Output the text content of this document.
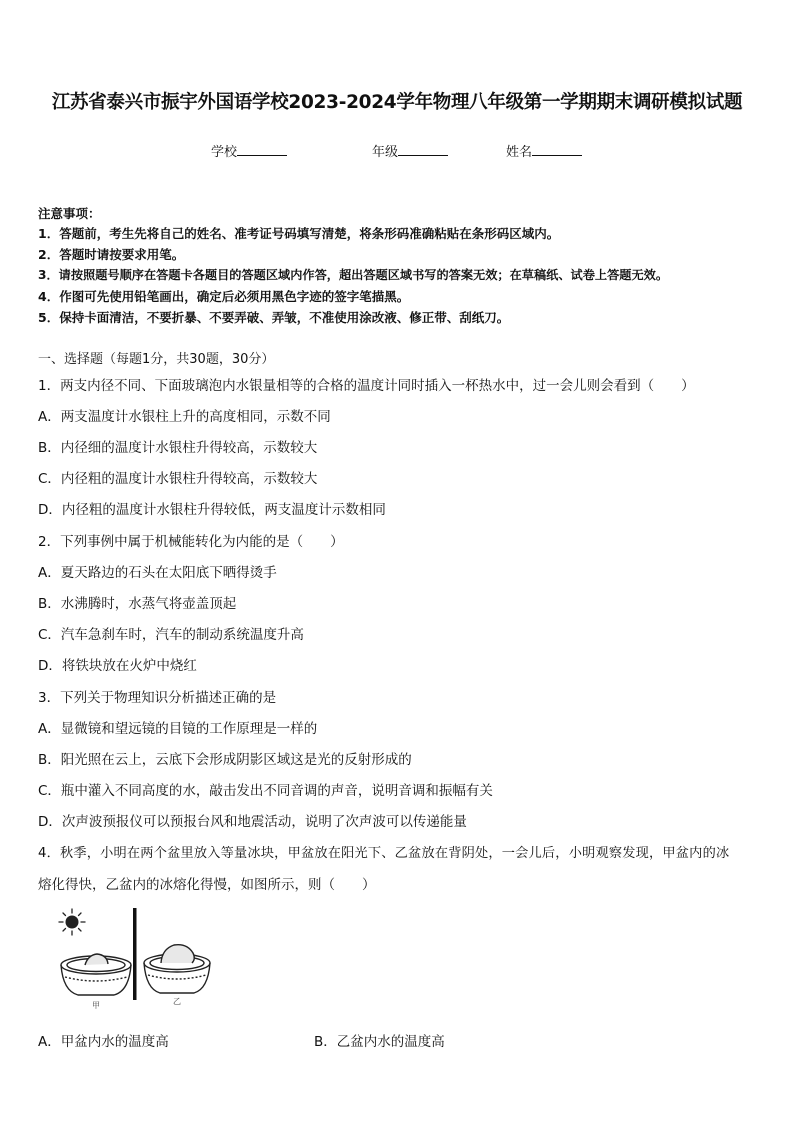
江苏省泰兴市振宇外国语学校2023-2024学年物理八年级第一学期期末调研模拟试题
学校	年级	姓名
注意事项：
1．答题前，考生先将自己的姓名、准考证号码填写清楚，将条形码准确粘贴在条形码区域内。
2．答题时请按要求用笔。
3．请按照题号顺序在答题卡各题目的答题区域内作答，超出答题区域书写的答案无效；在草稿纸、试卷上答题无效。
4．作图可先使用铅笔画出，确定后必须用黑色字迹的签字笔描黑。
5．保持卡面清洁，不要折暴、不要弄破、弄皱，不准使用涂改液、修正带、刮纸刀。
一、选择题（每题1分，共30题，30分）
1．两支内径不同、下面玻璃泡内水银量相等的合格的温度计同时插入一杯热水中，过一会儿则会看到（　　）
A．两支温度计水银柱上升的高度相同，示数不同
B．内径细的温度计水银柱升得较高，示数较大
C．内径粗的温度计水银柱升得较高，示数较大
D．内径粗的温度计水银柱升得较低，两支温度计示数相同
2．下列事例中属于机械能转化为内能的是（　　）
A．夏天路边的石头在太阳底下晒得烫手
B．水沸腾时，水蒸气将壶盖顶起
C．汽车急刹车时，汽车的制动系统温度升高
D．将铁块放在火炉中烧红
3．下列关于物理知识分析描述正确的是
A．显微镜和望远镜的目镜的工作原理是一样的
B．阳光照在云上，云底下会形成阴影区域这是光的反射形成的
C．瓶中灌入不同高度的水，敲击发出不同音调的声音，说明音调和振幅有关
D．次声波预报仪可以预报台风和地震活动，说明了次声波可以传递能量
4．秋季，小明在两个盆里放入等量冰块，甲盆放在阳光下、乙盆放在背阴处，一会儿后，小明观察发现，甲盆内的冰
熔化得快，乙盆内的冰熔化得慢，如图所示，则（　　）
甲	乙
A．甲盆内水的温度高	B．乙盆内水的温度高
